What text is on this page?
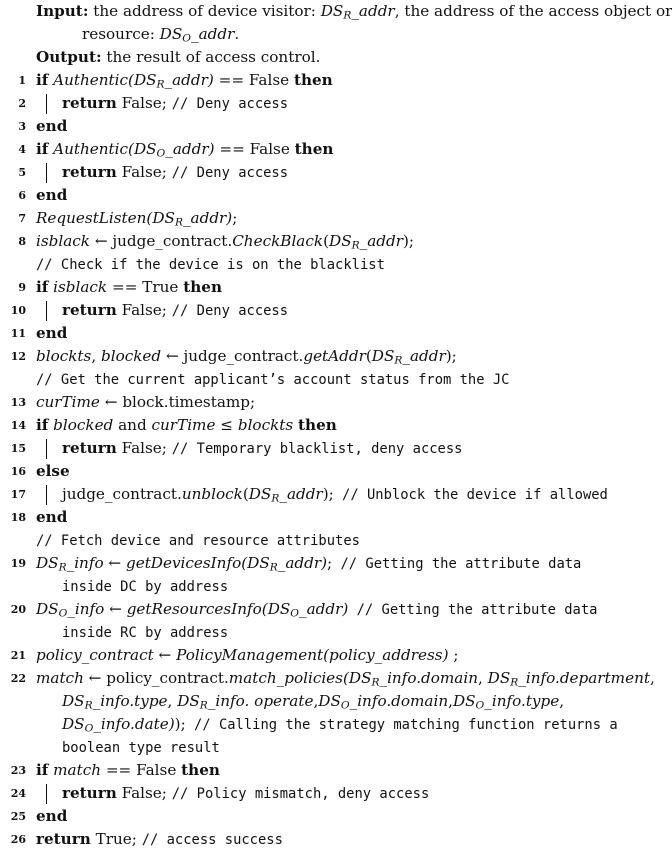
Input: the address of device visitor: $DS_R\_addr$, the address of the access object or
resource: $DS_O\_addr$.
Output: the result of access control.
1 if $Authentic(DS_R\_addr)$ == False then
2 return False; // Deny access
3 end
4 if $Authentic(DS_O\_addr)$ == False then
5 return False; // Deny access
6 end
7 $RequestListen(DS_R\_addr)$;
8 isblack ← $judge\_contract.CheckBlack(DS_R\_addr)$;
// Check if the device is on the blacklist
9 if isblack == True then
10 return False; // Deny access
11 end
12 blockts, blocked ← $judge\_contract.getAddr(DS_R\_addr)$;
// Get the current applicant’s account status from the JC
13 curTime ← block.timestamp;
14 if blocked and curTime ≤ blockts then
15 return False; // Temporary blacklist, deny access
16 else
17 $judge\_contract.unblock(DS_R\_addr)$; // Unblock the device if allowed
18 end
// Fetch device and resource attributes
19 $DS_R\_info$ ← $getDevicesInfo(DS_R\_addr)$; // Getting the attribute data
inside DC by address
20 $DS_O\_info$ ← $getResourcesInfo(DS_O\_addr)$ // Getting the attribute data
inside RC by address
21 policy_contract ← PolicyManagement(policy_address) ;
22 match ← $policy\_contract.match\_policies(DS_R\_info.domain$, $DS_R\_info.department$,
$DS_R\_info.type$, $DS_R\_info$. $operate,DS_O\_info.domain,DS_O\_info.type$,
$DS_O\_info.date$)); // Calling the strategy matching function returns a
boolean type result
23 if match == False then
24 return False; // Policy mismatch, deny access
25 end
26 return True; // access success
